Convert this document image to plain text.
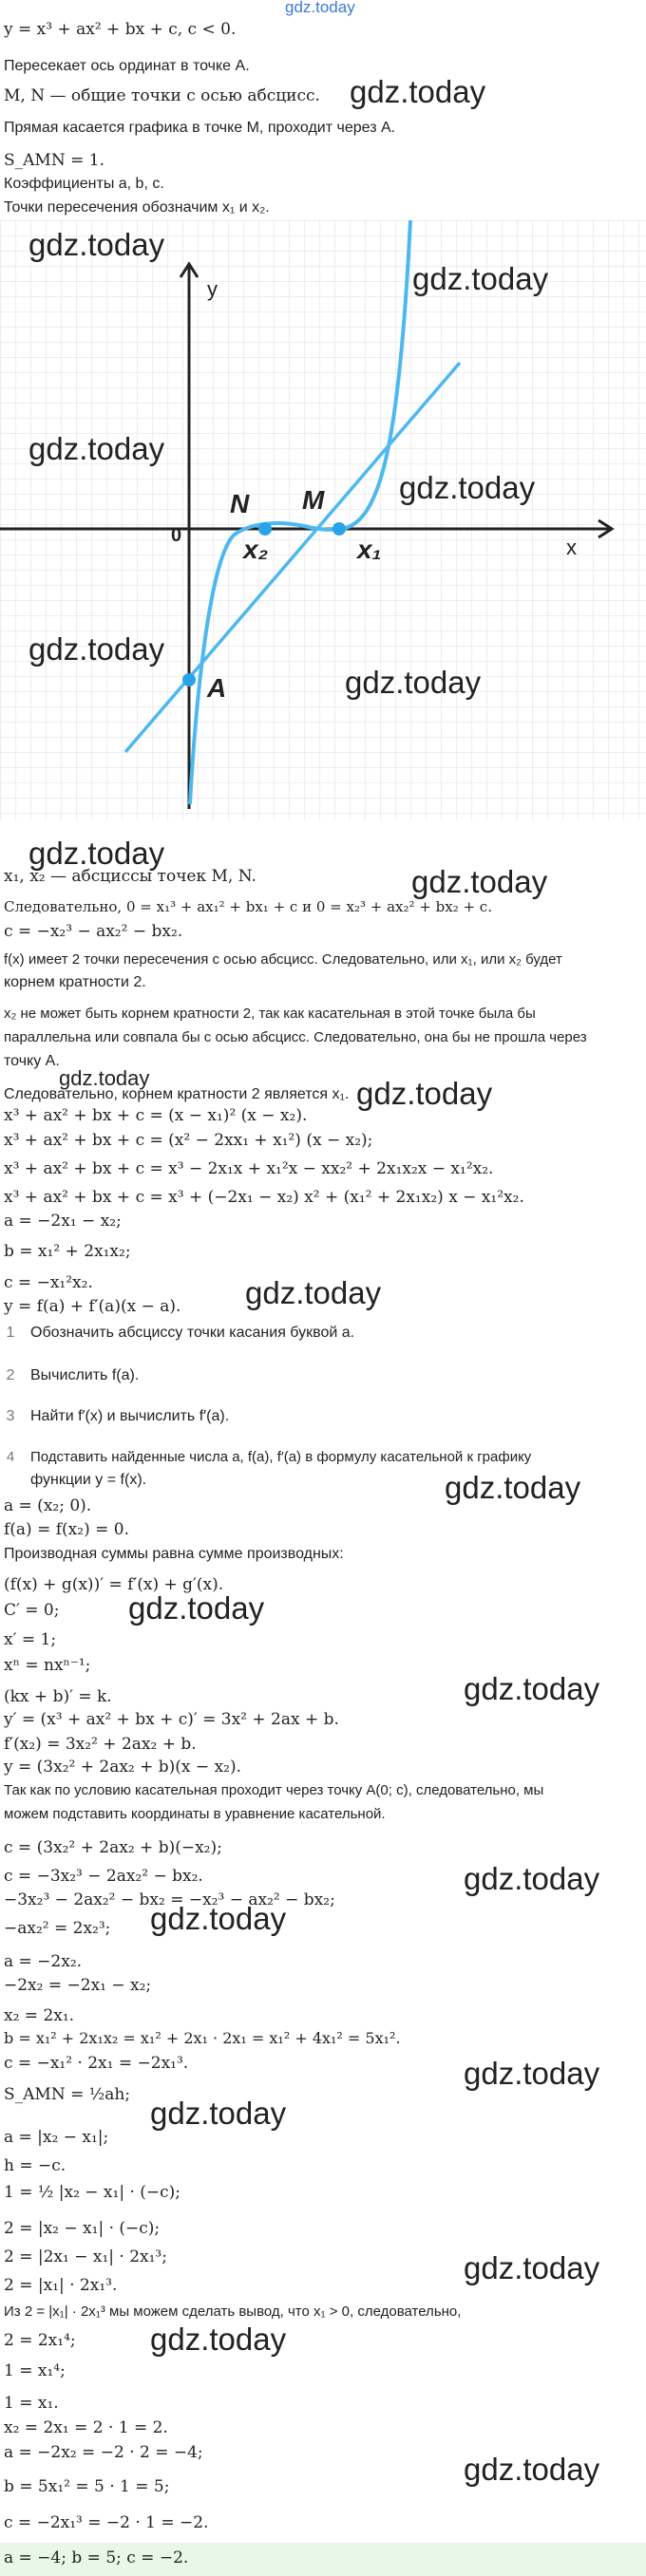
gdz.today
y = x³ + ax² + bx + c, c < 0.
Пересекает ось ординат в точке A.
M, N — общие точки с осью абсцисс.
Прямая касается графика в точке M, проходит через A.
S_AMN = 1.
Коэффициенты a, b, c.
Точки пересечения обозначим x₁ и x₂.
gdz.today
y
x
0
N M
x₂	x₁
A
gdz.today
gdz.today
gdz.today
gdz.today
gdz.today
gdz.today
gdz.today
gdz.today
x₁, x₂ — абсциссы точек M, N.
Следовательно, 0 = x₁³ + ax₁² + bx₁ + c и 0 = x₂³ + ax₂² + bx₂ + c.
c = −x₂³ − ax₂² − bx₂.
f(x) имеет 2 точки пересечения с осью абсцисс. Следовательно, или x₁, или x₂ будет
корнем кратности 2.
x₂ не может быть корнем кратности 2, так как касательная в этой точке была бы
параллельна или совпала бы с осью абсцисс. Следовательно, она бы не прошла через
точку A.
gdz.today
Следовательно, корнем кратности 2 является x₁. gdz.today
x³ + ax² + bx + c = (x − x₁)² (x − x₂).
x³ + ax² + bx + c = (x² − 2xx₁ + x₁²) (x − x₂);
x³ + ax² + bx + c = x³ − 2x₁x + x₁²x − xx₂² + 2x₁x₂x − x₁²x₂.
x³ + ax² + bx + c = x³ + (−2x₁ − x₂) x² + (x₁² + 2x₁x₂) x − x₁²x₂.
a = −2x₁ − x₂;
b = x₁² + 2x₁x₂;
c = −x₁²x₂.	gdz.today
y = f(a) + f′(a)(x − a).
1 Обозначить абсциссу точки касания буквой a.
2 Вычислить f(a).
3 Найти f′(x) и вычислить f′(a).
4 Подставить найденные числа a, f(a), f′(a) в формулу касательной к графику
функции y = f(x).	gdz.today
a = (x₂; 0).
f(a) = f(x₂) = 0.
Производная суммы равна сумме производных:
(f(x) + g(x))′ = f′(x) + g′(x).
gdz.today
C′ = 0;
x′ = 1;
xⁿ = nxⁿ⁻¹;
gdz.today
(kx + b)′ = k.
y′ = (x³ + ax² + bx + c)′ = 3x² + 2ax + b.
f′(x₂) = 3x₂² + 2ax₂ + b.
y = (3x₂² + 2ax₂ + b)(x − x₂).
Так как по условию касательная проходит через точку A(0; c), следовательно, мы
можем подставить координаты в уравнение касательной.
c = (3x₂² + 2ax₂ + b)(−x₂);
gdz.today
c = −3x₂³ − 2ax₂² − bx₂.
−3x₂³ − 2ax₂² − bx₂ = −x₂³ − ax₂² − bx₂;
−ax₂² = 2x₂³; gdz.today
a = −2x₂.
−2x₂ = −2x₁ − x₂;
x₂ = 2x₁.
b = x₁² + 2x₁x₂ = x₁² + 2x₁ · 2x₁ = x₁² + 4x₁² = 5x₁².
c = −x₁² · 2x₁ = −2x₁³.	gdz.today
S_AMN = ½ah;
gdz.today
a = |x₂ − x₁|;
h = −c.
1 = ½ |x₂ − x₁| · (−c);
2 = |x₂ − x₁| · (−c);
2 = |2x₁ − x₁| · 2x₁³;	gdz.today
2 = |x₁| · 2x₁³.
Из 2 = |x₁| · 2x₁³ мы можем сделать вывод, что x₁ > 0, следовательно,
gdz.today
2 = 2x₁⁴;
1 = x₁⁴;
1 = x₁.
x₂ = 2x₁ = 2 · 1 = 2.
a = −2x₂ = −2 · 2 = −4;	gdz.today
b = 5x₁² = 5 · 1 = 5;
c = −2x₁³ = −2 · 1 = −2.
a = −4; b = 5; c = −2.
